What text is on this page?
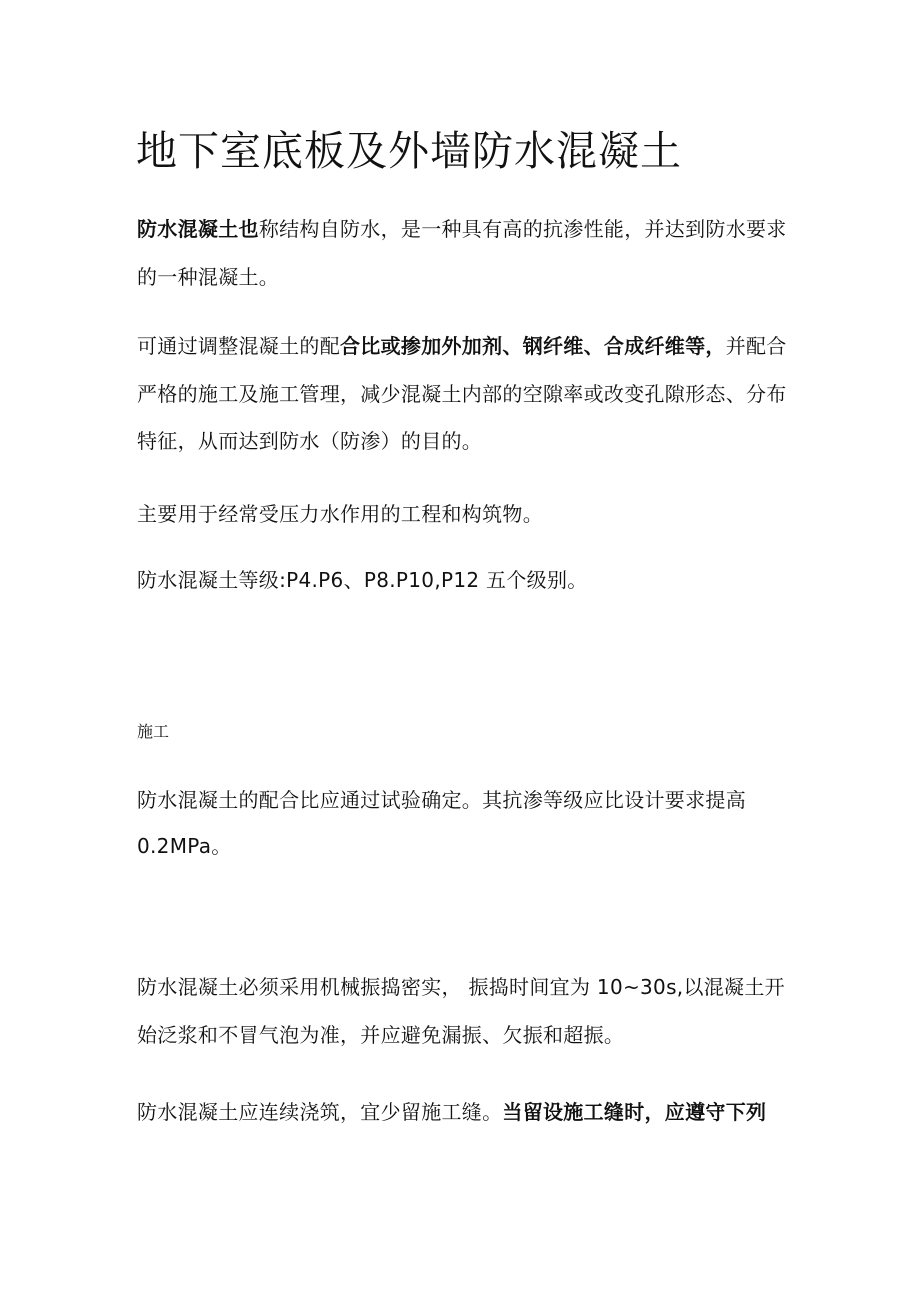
地下室底板及外墙防水混凝土
防水混凝土也称结构自防水，是一种具有高的抗渗性能，并达到防水要求
的一种混凝土。
可通过调整混凝土的配合比或掺加外加剂、钢纤维、合成纤维等，并配合
严格的施工及施工管理，减少混凝土内部的空隙率或改变孔隙形态、分布
特征，从而达到防水（防渗）的目的。
主要用于经常受压力水作用的工程和构筑物。
防水混凝土等级:P4.P6、P8.P10,P12 五个级别。
施工
防水混凝土的配合比应通过试验确定。其抗渗等级应比设计要求提高
0.2MPa。
防水混凝土必须采用机械振捣密实， 振捣时间宜为 10~30s,以混凝土开
始泛浆和不冒气泡为准，并应避免漏振、欠振和超振。
防水混凝土应连续浇筑，宜少留施工缝。当留设施工缝时，应遵守下列
